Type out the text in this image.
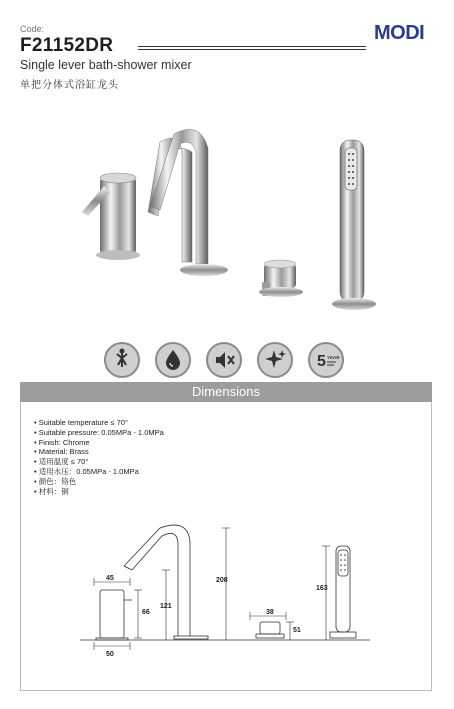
Code:
F21152DR
MODI
Single lever bath-shower mixer
单把分体式浴缸龙头
5 YEAR
Dimensions
• Suitable temperature ≤ 70°
• Suitable pressure: 0.05MPa - 1.0MPa
• Finish: Chrome
• Material: Brass
• 适用温度 ≤ 70°
• 适用水压：0.05MPa - 1.0MPa
• 颜色：铬色
• 材料：铜
45
66
50
121
208
38
51
163
